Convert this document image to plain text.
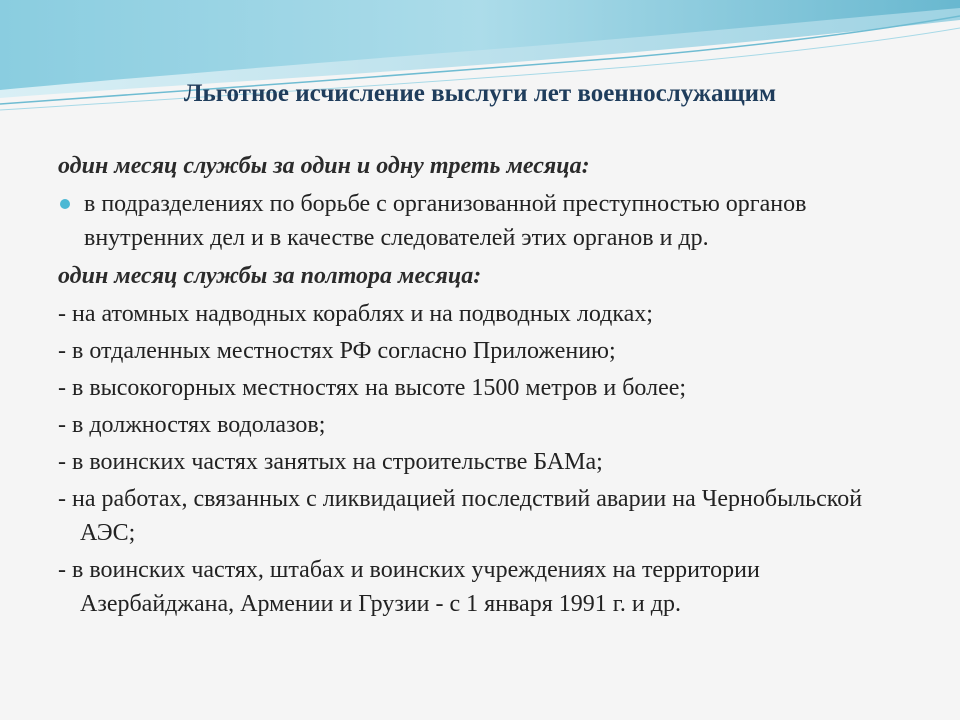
Льготное исчисление выслуги лет военнослужащим

один месяц службы за один и одну треть месяца:

в подразделениях по борьбе с организованной преступностью органов внутренних дел и в качестве следователей этих органов и др.

один месяц службы за полтора месяца:

- на атомных надводных кораблях и на подводных лодках;
- в отдаленных местностях РФ согласно Приложению;
- в высокогорных местностях на высоте 1500 метров и более;
- в должностях водолазов;
- в воинских частях занятых на строительстве БАМа;
- на работах, связанных с ликвидацией последствий аварии на Чернобыльской АЭС;
- в воинских частях, штабах и воинских учреждениях на территории Азербайджана, Армении и Грузии - с 1 января 1991 г. и др.
